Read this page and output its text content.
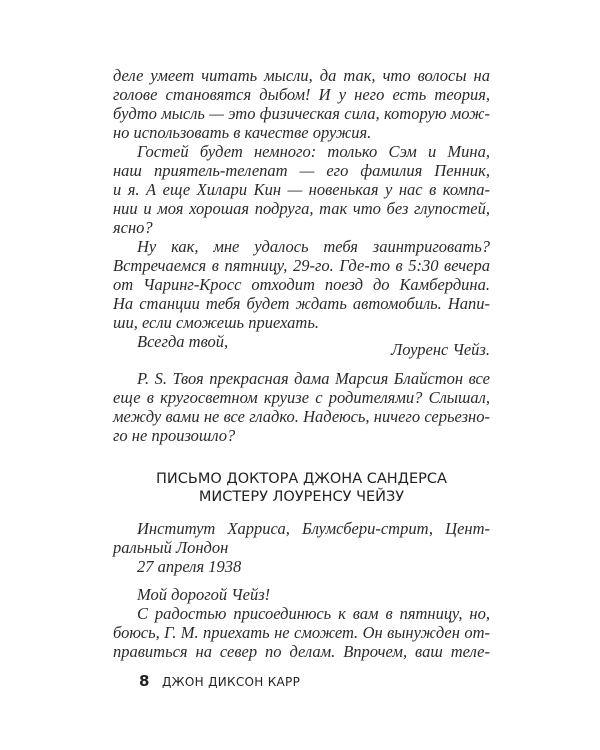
деле умеет читать мысли, да так, что волосы на
голове становятся дыбом! И у него есть теория,
будто мысль — это физическая сила, которую мож-
но использовать в качестве оружия.
Гостей будет немного: только Сэм и Мина,
наш приятель-телепат — его фамилия Пенник,
и я. А еще Хилари Кин — новенькая у нас в компа-
нии и моя хорошая подруга, так что без глупостей,
ясно?
Ну как, мне удалось тебя заинтриговать?
Встречаемся в пятницу, 29-го. Где-то в 5:30 вечера
от Чаринг-Кросс отходит поезд до Камбердина.
На станции тебя будет ждать автомобиль. Напи-
ши, если сможешь приехать.
Всегда твой,	Лоуренс Чейз.
P. S. Твоя прекрасная дама Марсия Блайстон все
еще в кругосветном круизе с родителями? Слышал,
между вами не все гладко. Надеюсь, ничего серьезно-
го не произошло?
ПИСЬМО ДОКТОРА ДЖОНА САНДЕРСА
МИСТЕРУ ЛОУРЕНСУ ЧЕЙЗУ
Институт Харриса, Блумсбери-стрит, Цент-
ральный Лондон
27 апреля 1938
Мой дорогой Чейз!
С радостью присоединюсь к вам в пятницу, но,
боюсь, Г. М. приехать не сможет. Он вынужден от-
правиться на север по делам. Впрочем, ваш теле-
8 ДЖОН ДИКСОН КАРР
